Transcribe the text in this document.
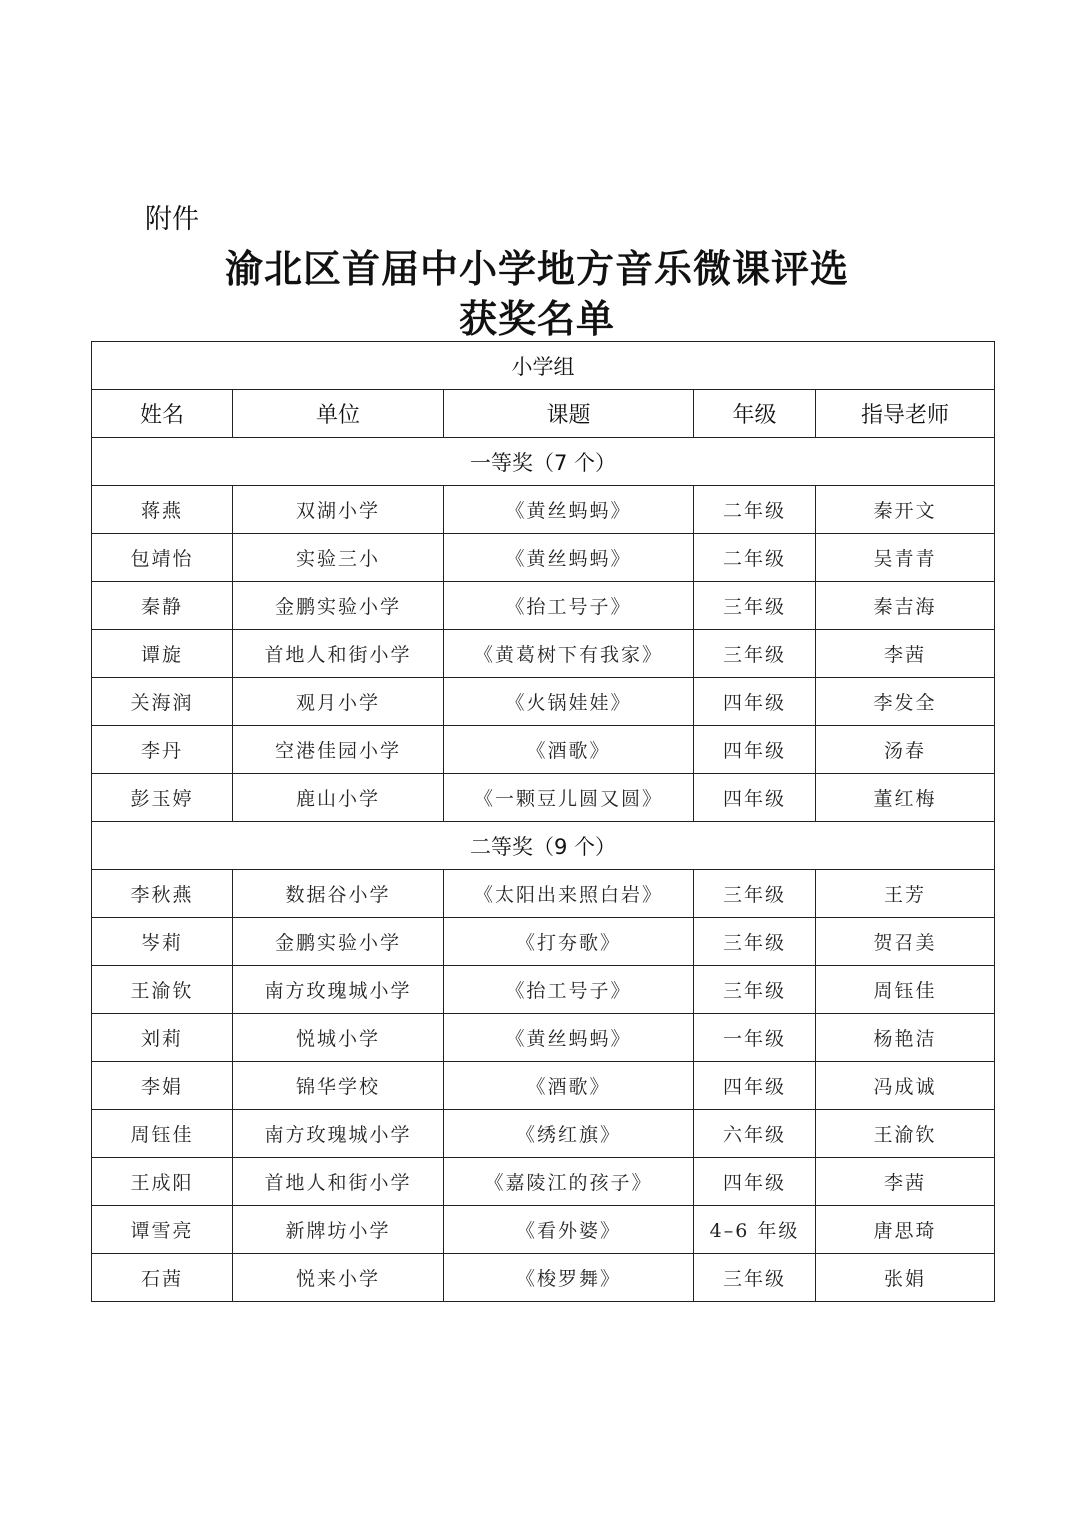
附件
渝北区首届中小学地方音乐微课评选
获奖名单
小学组				
姓名	单位	课题	年级	指导老师
一等奖（7 个）				
蒋燕	双湖小学	《黄丝蚂蚂》	二年级	秦开文
包靖怡	实验三小	《黄丝蚂蚂》	二年级	吴青青
秦静	金鹏实验小学	《抬工号子》	三年级	秦吉海
谭旋	首地人和街小学	《黄葛树下有我家》	三年级	李茜
关海润	观月小学	《火锅娃娃》	四年级	李发全
李丹	空港佳园小学	《酒歌》	四年级	汤春
彭玉婷	鹿山小学	《一颗豆儿圆又圆》	四年级	董红梅
二等奖（9 个）				
李秋燕	数据谷小学	《太阳出来照白岩》	三年级	王芳
岑莉	金鹏实验小学	《打夯歌》	三年级	贺召美
王渝钦	南方玫瑰城小学	《抬工号子》	三年级	周钰佳
刘莉	悦城小学	《黄丝蚂蚂》	一年级	杨艳洁
李娟	锦华学校	《酒歌》	四年级	冯成诚
周钰佳	南方玫瑰城小学	《绣红旗》	六年级	王渝钦
王成阳	首地人和街小学	《嘉陵江的孩子》	四年级	李茜
谭雪亮	新牌坊小学	《看外婆》	4–6 年级	唐思琦
石茜	悦来小学	《梭罗舞》	三年级	张娟
